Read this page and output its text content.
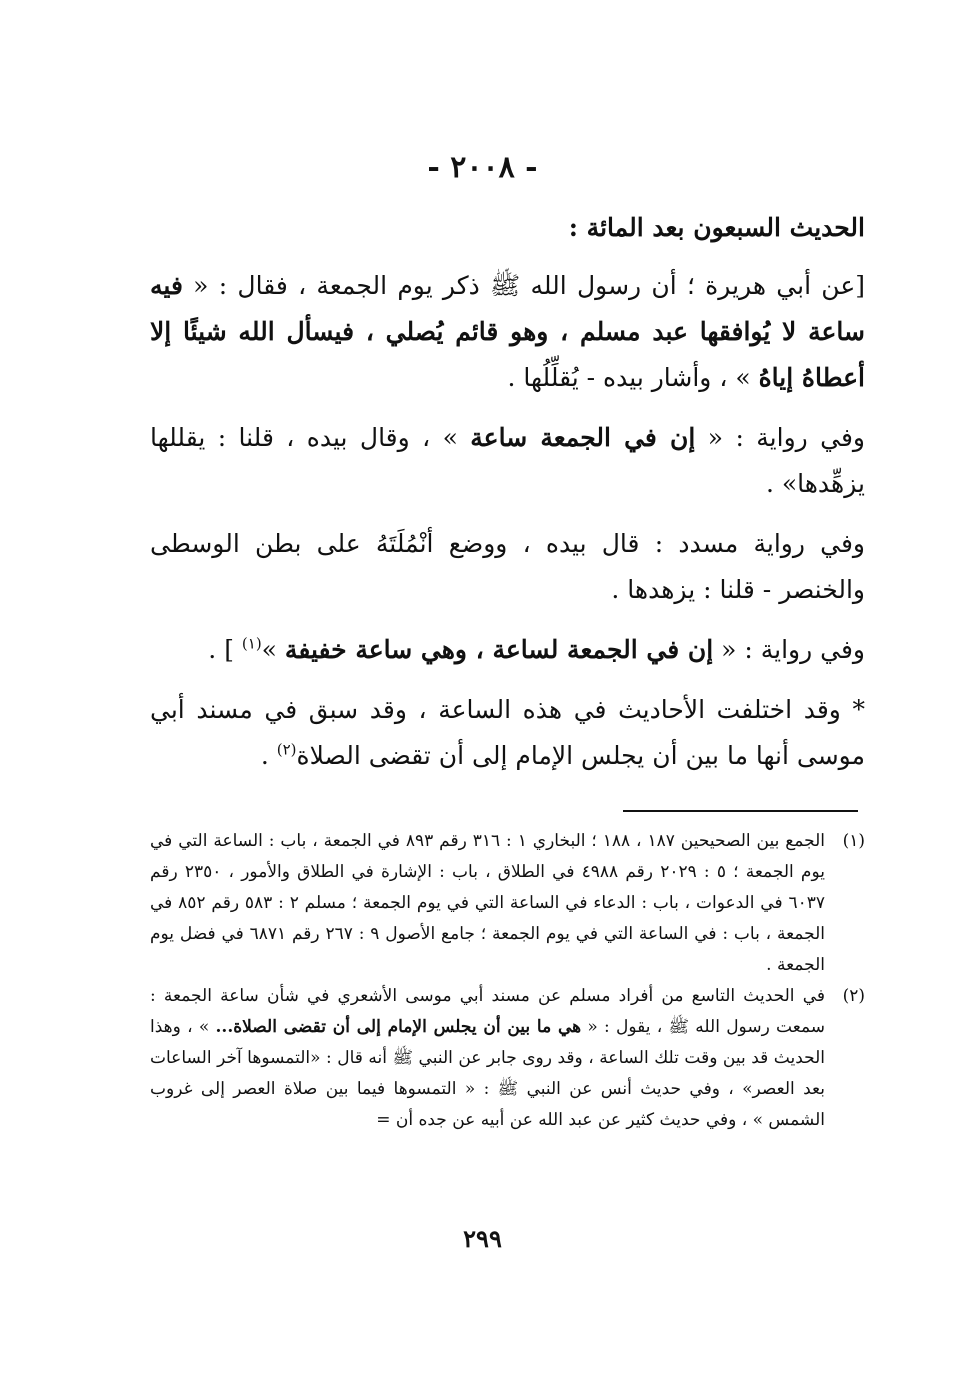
- ٢٠٠٨ -

الحديث السبعون بعد المائة :

[عن أبي هريرة ؛ أن رسول الله ﷺ ذكر يوم الجمعة ، فقال : « فيه ساعة لا يُوافقها عبد مسلم ، وهو قائم يُصلي ، فيسأل الله شيئًا إلا أعطاهُ إياهُ » ، وأشار بيده - يُقلِّلُها .

وفي رواية : « إن في الجمعة ساعة » ، وقال بيده ، قلنا : يقللها يزهِّدها» .

وفي رواية مسدد : قال بيده ، ووضع أنْمُلَتَهُ على بطن الوسطى والخنصر - قلنا : يزهدها .

وفي رواية : « إن في الجمعة لساعة ، وهي ساعة خفيفة »$^{(١)}$ ] .

* وقد اختلفت الأحاديث في هذه الساعة ، وقد سبق في مسند أبي موسى أنها ما بين أن يجلس الإمام إلى أن تقضى الصلاة$^{(٢)}$ .

(١)
الجمع بين الصحيحين ١٨٧ ، ١٨٨ ؛ البخاري ١ : ٣١٦ رقم ٨٩٣ في الجمعة ، باب : الساعة التي في يوم الجمعة ؛ ٥ : ٢٠٢٩ رقم ٤٩٨٨ في الطلاق ، باب : الإشارة في الطلاق والأمور ، ٢٣٥٠ رقم ٦٠٣٧ في الدعوات ، باب : الدعاء في الساعة التي في يوم الجمعة ؛ مسلم ٢ : ٥٨٣ رقم ٨٥٢ في الجمعة ، باب : في الساعة التي في يوم الجمعة ؛ جامع الأصول ٩ : ٢٦٧ رقم ٦٨٧١ في فضل يوم الجمعة .
(٢)
في الحديث التاسع من أفراد مسلم عن مسند أبي موسى الأشعري في شأن ساعة الجمعة : سمعت رسول الله ﷺ ، يقول : « هي ما بين أن يجلس الإمام إلى أن تقضى الصلاة... » ، وهذا الحديث قد بين وقت تلك الساعة ، وقد روى جابر عن النبي ﷺ أنه قال : «التمسوها آخر الساعات بعد العصر» ، وفي حديث أنس عن النبي ﷺ : « التمسوها فيما بين صلاة العصر إلى غروب الشمس » ، وفي حديث كثير عن عبد الله عن أبيه عن جده أن =
٢٩٩
